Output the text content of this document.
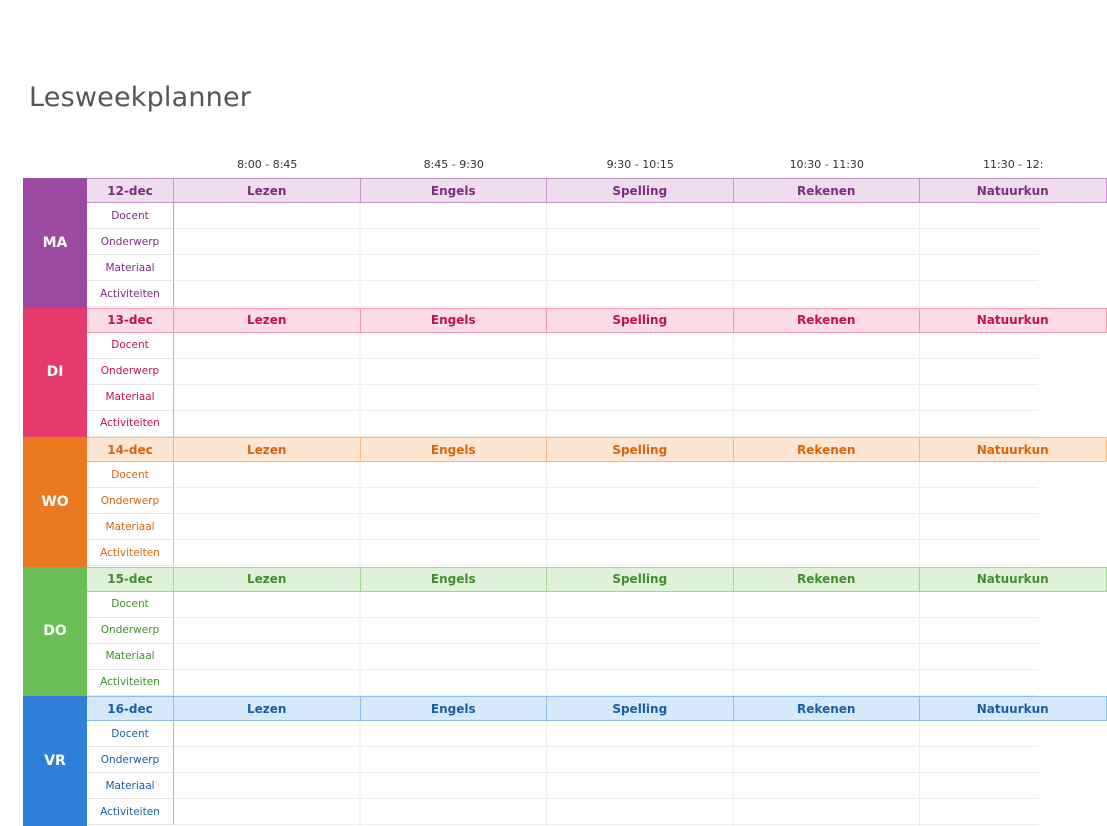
Lesweekplanner
8:00 - 8:45	8:45 - 9:30	9:30 - 10:15	10:30 - 11:30	11:30 - 12:
MA
12-dec	Lezen	Engels	Spelling	Rekenen	Natuurkun
Docent
Onderwerp
Materiaal
Activiteiten
DI
13-dec	Lezen	Engels	Spelling	Rekenen	Natuurkun
Docent
Onderwerp
Materiaal
Activiteiten
WO
14-dec	Lezen	Engels	Spelling	Rekenen	Natuurkun
Docent
Onderwerp
Materiaal
Activiteiten
DO
15-dec	Lezen	Engels	Spelling	Rekenen	Natuurkun
Docent
Onderwerp
Materiaal
Activiteiten
VR
16-dec	Lezen	Engels	Spelling	Rekenen	Natuurkun
Docent
Onderwerp
Materiaal
Activiteiten
